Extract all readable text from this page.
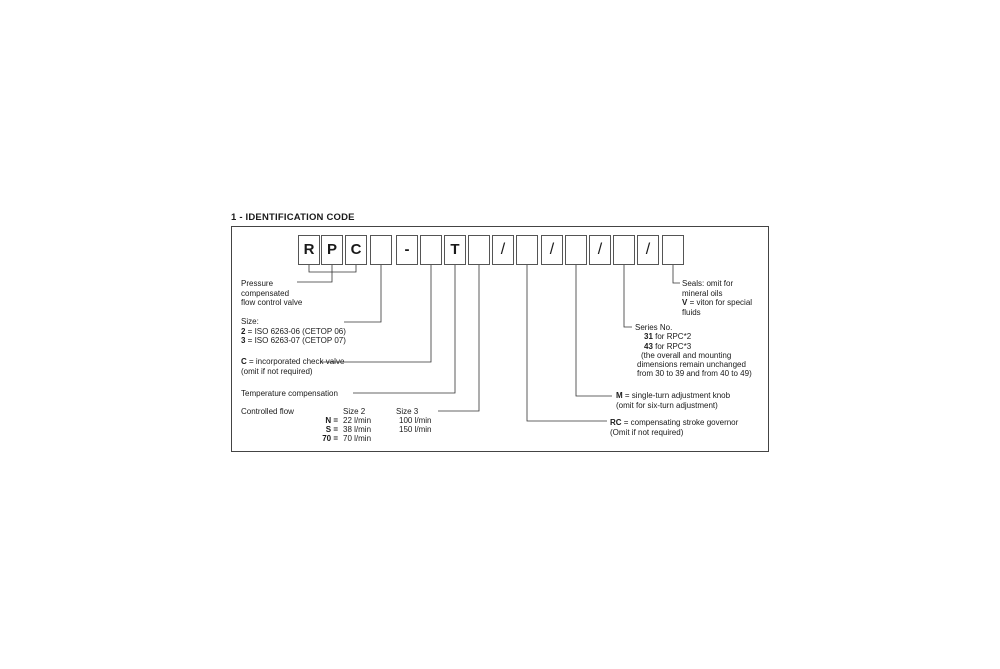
1 - IDENTIFICATION CODE
R P C	-	T	/	/	/	/
Pressure
compensated
flow control valve
Size:
2 = ISO 6263-06 (CETOP 06)
3 = ISO 6263-07 (CETOP 07)
C = incorporated check valve
(omit if not required)
Temperature compensation
Controlled flow	Size 2	Size 3
N = 22 l/min	100 l/min
S = 38 l/min	150 l/min
70 = 70 l/min
Seals: omit for
mineral oils
V = viton for special
fluids
Series No.
31 for RPC*2
43 for RPC*3
(the overall and mounting
dimensions remain unchanged
from 30 to 39 and from 40 to 49)
M = single-turn adjustment knob
(omit for six-turn adjustment)
RC = compensating stroke governor
(Omit if not required)
